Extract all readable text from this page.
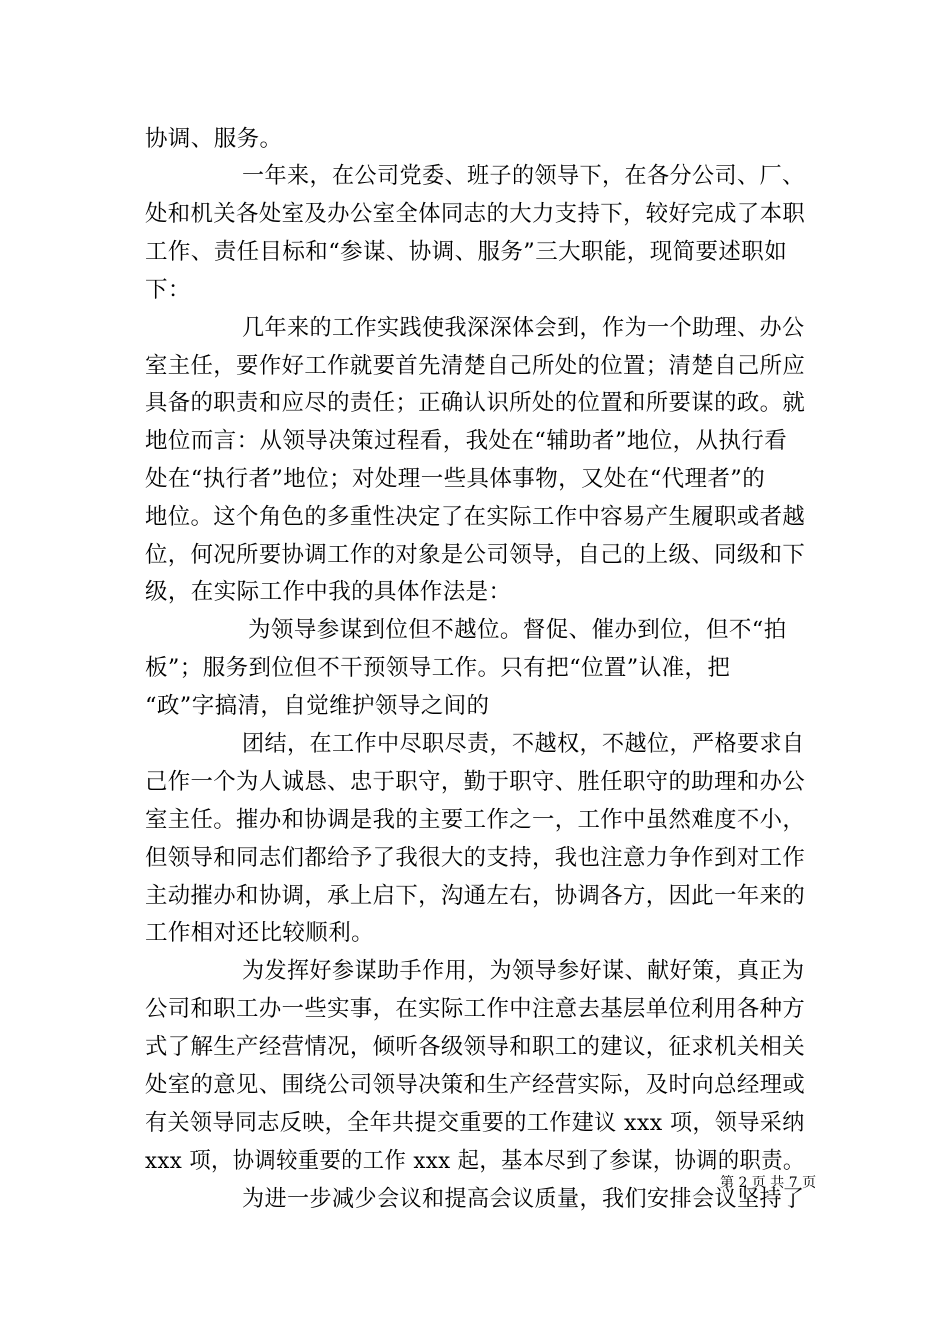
协调、服务。
一年来，在公司党委、班子的领导下，在各分公司、厂、
处和机关各处室及办公室全体同志的大力支持下，较好完成了本职
工作、责任目标和“参谋、协调、服务”三大职能，现简要述职如
下：
几年来的工作实践使我深深体会到，作为一个助理、办公
室主任，要作好工作就要首先清楚自己所处的位置；清楚自己所应
具备的职责和应尽的责任；正确认识所处的位置和所要谋的政。就
地位而言：从领导决策过程看，我处在“辅助者”地位，从执行看
处在“执行者”地位；对处理一些具体事物，又处在“代理者”的
地位。这个角色的多重性决定了在实际工作中容易产生履职或者越
位，何况所要协调工作的对象是公司领导，自己的上级、同级和下
级，在实际工作中我的具体作法是：
为领导参谋到位但不越位。督促、催办到位，但不“拍
板”；服务到位但不干预领导工作。只有把“位置”认准，把
“政”字搞清，自觉维护领导之间的
团结，在工作中尽职尽责，不越权，不越位，严格要求自
己作一个为人诚恳、忠于职守，勤于职守、胜任职守的助理和办公
室主任。摧办和协调是我的主要工作之一，工作中虽然难度不小，
但领导和同志们都给予了我很大的支持，我也注意力争作到对工作
主动摧办和协调，承上启下，沟通左右，协调各方，因此一年来的
工作相对还比较顺利。
为发挥好参谋助手作用，为领导参好谋、献好策，真正为
公司和职工办一些实事，在实际工作中注意去基层单位利用各种方
式了解生产经营情况，倾听各级领导和职工的建议，征求机关相关
处室的意见、围绕公司领导决策和生产经营实际，及时向总经理或
有关领导同志反映，全年共提交重要的工作建议 xxx 项，领导采纳
xxx 项，协调较重要的工作 xxx 起，基本尽到了参谋，协调的职责。
为进一步减少会议和提高会议质量，我们安排会议坚持了
第 2 页 共 7 页
